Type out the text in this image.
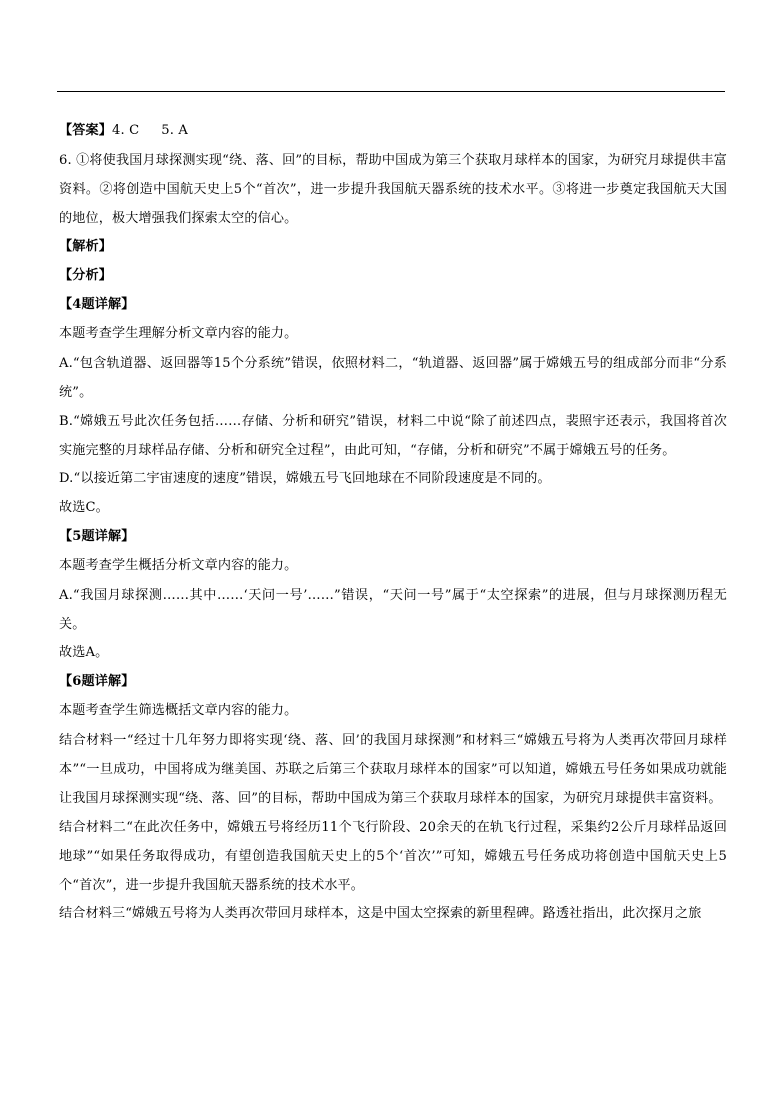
【答案】4. C 5. A
6. ①将使我国月球探测实现“绕、落、回”的目标，帮助中国成为第三个获取月球样本的国家，为研究月球提供丰富资料。②将创造中国航天史上5个“首次”，进一步提升我国航天器系统的技术水平。③将进一步奠定我国航天大国的地位，极大增强我们探索太空的信心。
【解析】
【分析】
【4题详解】
本题考查学生理解分析文章内容的能力。
A.“包含轨道器、返回器等15个分系统”错误，依照材料二，“轨道器、返回器”属于嫦娥五号的组成部分而非“分系统”。
B.“嫦娥五号此次任务包括……存储、分析和研究”错误，材料二中说“除了前述四点，裴照宇还表示，我国将首次实施完整的月球样品存储、分析和研究全过程”，由此可知，“存储，分析和研究”不属于嫦娥五号的任务。
D.“以接近第二宇宙速度的速度”错误，嫦娥五号飞回地球在不同阶段速度是不同的。
故选C。
【5题详解】
本题考查学生概括分析文章内容的能力。
A.“我国月球探测……其中……‘天问一号’……”错误，“天问一号”属于“太空探索”的进展，但与月球探测历程无关。
故选A。
【6题详解】
本题考查学生筛选概括文章内容的能力。
结合材料一“经过十几年努力即将实现‘绕、落、回’的我国月球探测”和材料三“嫦娥五号将为人类再次带回月球样本”“一旦成功，中国将成为继美国、苏联之后第三个获取月球样本的国家”可以知道，嫦娥五号任务如果成功就能让我国月球探测实现“绕、落、回”的目标，帮助中国成为第三个获取月球样本的国家，为研究月球提供丰富资料。
结合材料二“在此次任务中，嫦娥五号将经历11个飞行阶段、20余天的在轨飞行过程，采集约2公斤月球样品返回地球”“如果任务取得成功，有望创造我国航天史上的5个‘首次’”可知，嫦娥五号任务成功将创造中国航天史上5个“首次”，进一步提升我国航天器系统的技术水平。
结合材料三“嫦娥五号将为人类再次带回月球样本，这是中国太空探索的新里程碑。路透社指出，此次探月之旅
